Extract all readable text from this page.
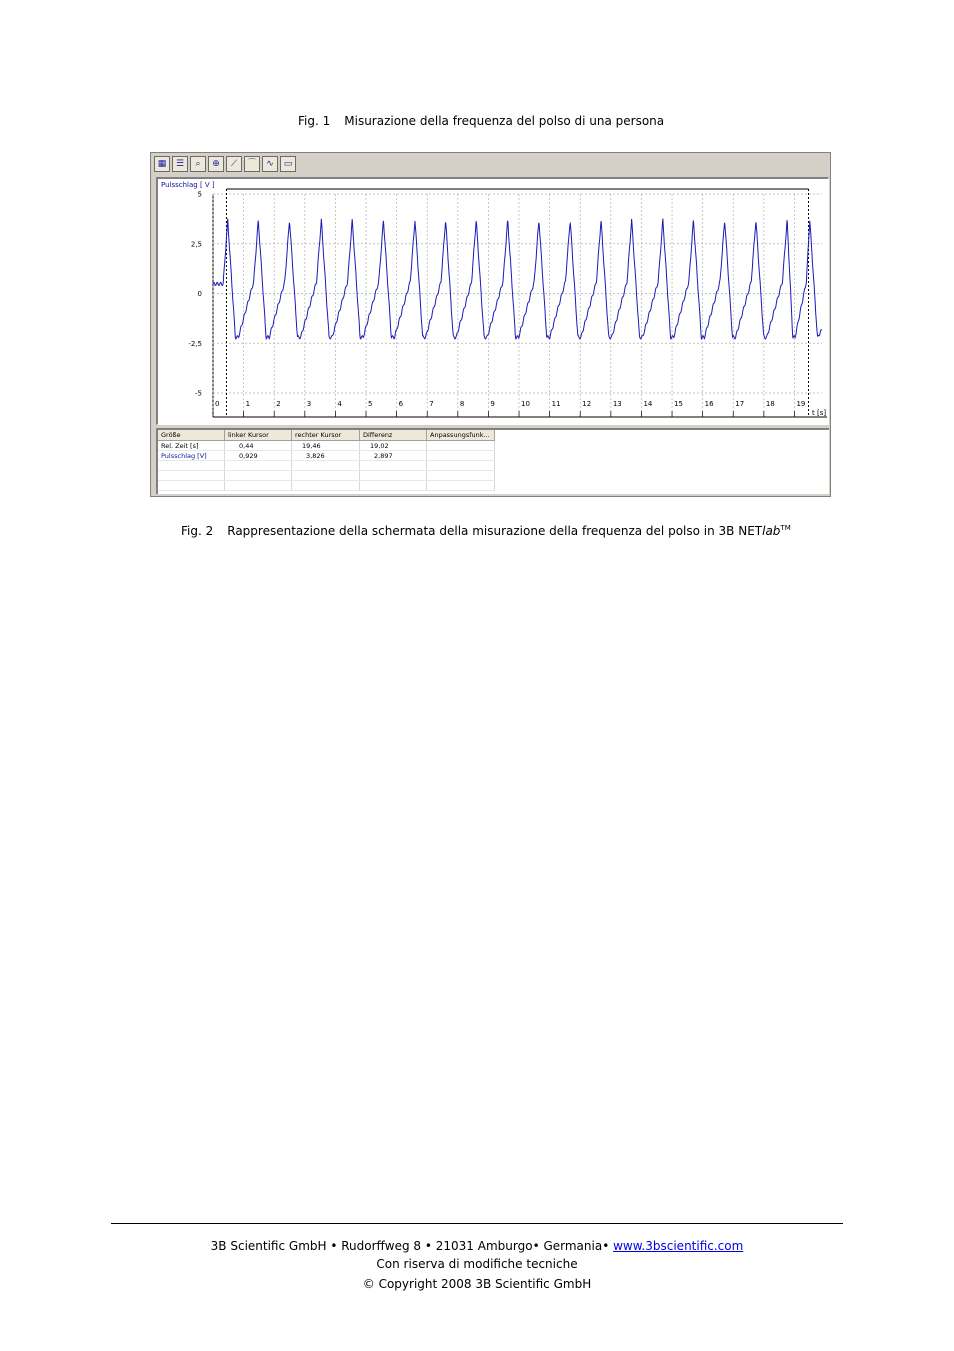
Fig. 1 Misurazione della frequenza del polso di una persona
▦	☰	⌕	⊕	⟋	⌒	∿	▭
Pulsschlag [ V ]
5
2,5
0
-2,5
-5
0	1	2	3	4	5	6	7	8	9	10	11	12	13	14	15	16	17	18	19
t [s]
Größe	linker Kursor	rechter Kursor	Differenz	Anpassungsfunk...
Rel. Zeit [s]	0,44	19,46	19,02	
Pulsschlag [V]	0,929	3,826	2,897	

Fig. 2 Rappresentazione della schermata della misurazione della frequenza del polso in 3B NETlab™
3B Scientific GmbH • Rudorffweg 8 • 21031 Amburgo• Germania• www.3bscientific.com
Con riserva di modifiche tecniche
© Copyright 2008 3B Scientific GmbH
